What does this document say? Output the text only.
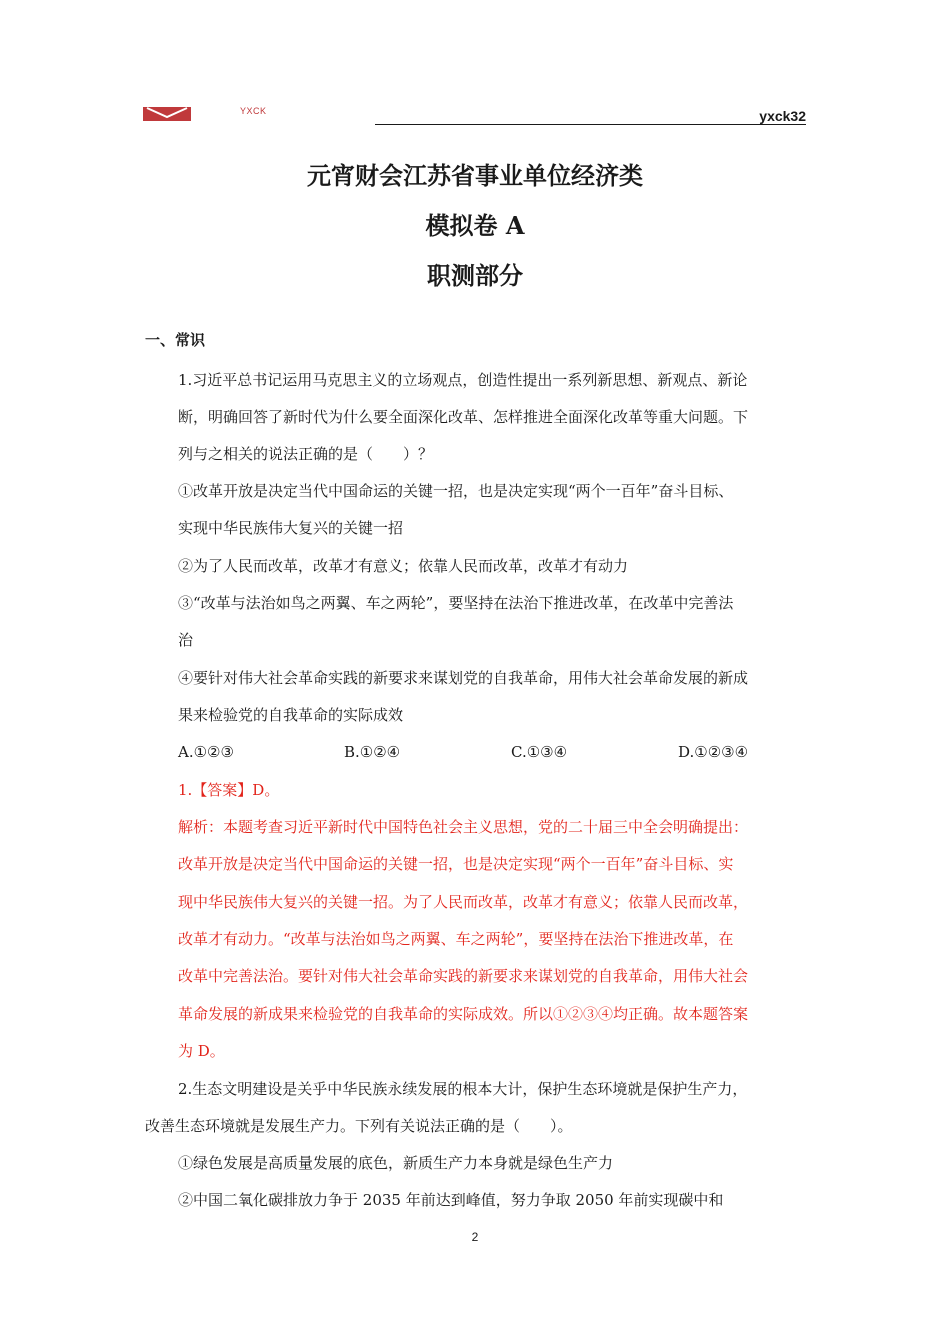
YXCK	yxck32
元宵财会江苏省事业单位经济类
模拟卷 A
职测部分
一、常识
1.习近平总书记运用马克思主义的立场观点，创造性提出一系列新思想、新观点、新论
断，明确回答了新时代为什么要全面深化改革、怎样推进全面深化改革等重大问题。下
列与之相关的说法正确的是（　　）？
①改革开放是决定当代中国命运的关键一招，也是决定实现“两个一百年”奋斗目标、
实现中华民族伟大复兴的关键一招
②为了人民而改革，改革才有意义；依靠人民而改革，改革才有动力
③“改革与法治如鸟之两翼、车之两轮”，要坚持在法治下推进改革，在改革中完善法
治
④要针对伟大社会革命实践的新要求来谋划党的自我革命，用伟大社会革命发展的新成
果来检验党的自我革命的实际成效
A.①②③	B.①②④	C.①③④	D.①②③④
1.【答案】D。
解析：本题考查习近平新时代中国特色社会主义思想，党的二十届三中全会明确提出：
改革开放是决定当代中国命运的关键一招，也是决定实现“两个一百年”奋斗目标、实
现中华民族伟大复兴的关键一招。为了人民而改革，改革才有意义；依靠人民而改革，
改革才有动力。“改革与法治如鸟之两翼、车之两轮”，要坚持在法治下推进改革，在
改革中完善法治。要针对伟大社会革命实践的新要求来谋划党的自我革命，用伟大社会
革命发展的新成果来检验党的自我革命的实际成效。所以①②③④均正确。故本题答案
为 D。
2.生态文明建设是关乎中华民族永续发展的根本大计，保护生态环境就是保护生产力，
改善生态环境就是发展生产力。下列有关说法正确的是（　　）。
①绿色发展是高质量发展的底色，新质生产力本身就是绿色生产力
②中国二氧化碳排放力争于 2035 年前达到峰值，努力争取 2050 年前实现碳中和
2
